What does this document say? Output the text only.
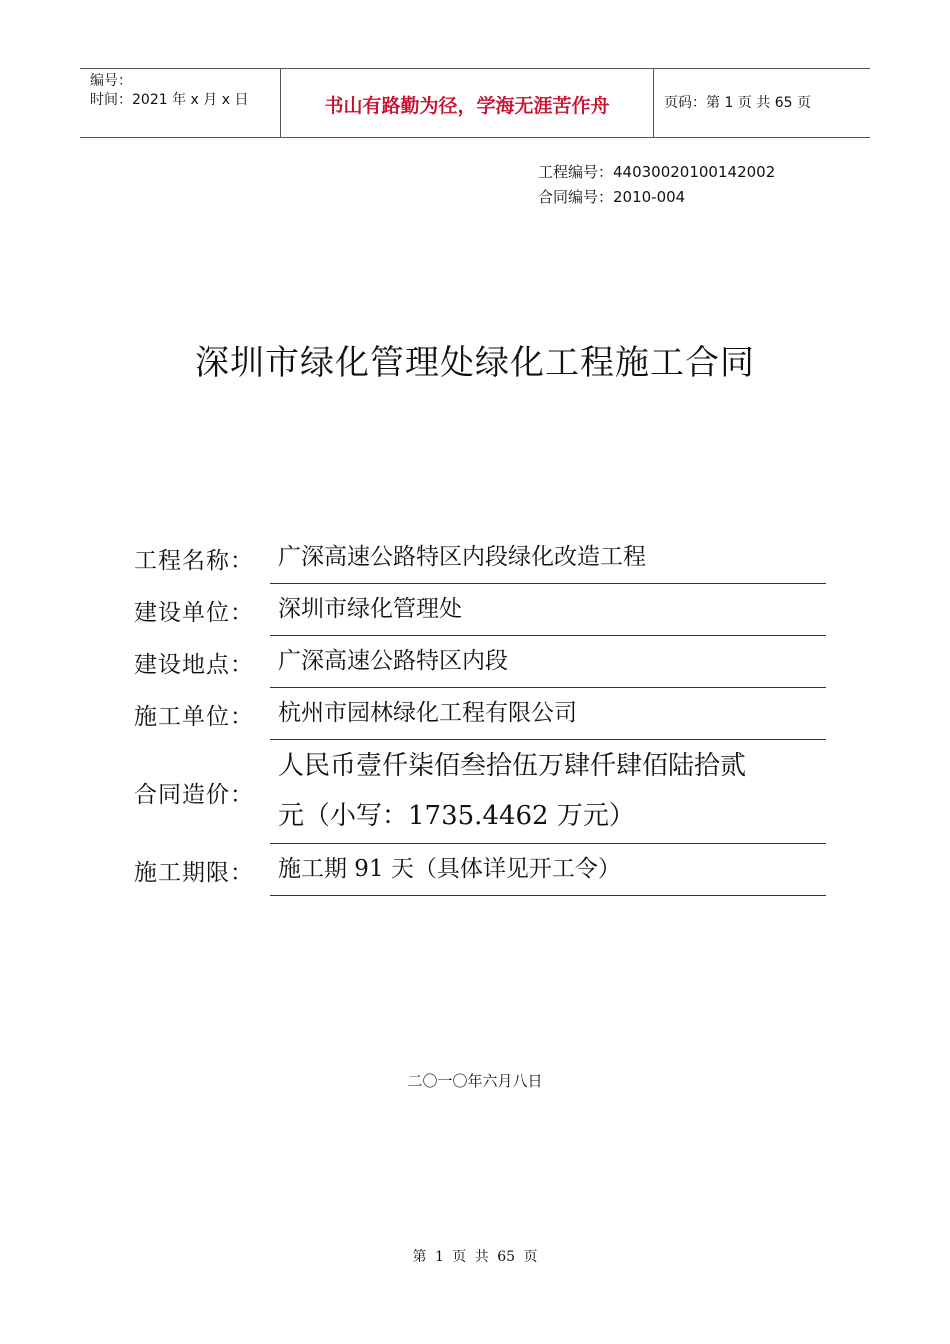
编号：
时间：2021 年 x 月 x 日	书山有路勤为径，学海无涯苦作舟	页码：第 1 页 共 65 页
工程编号：44030020100142002
合同编号：2010-004
深圳市绿化管理处绿化工程施工合同
工程名称：	广深高速公路特区内段绿化改造工程
建设单位：	深圳市绿化管理处
建设地点：	广深高速公路特区内段
施工单位：	杭州市园林绿化工程有限公司
合同造价：
人民币壹仟柒佰叁拾伍万肆仟肆佰陆拾贰
元（小写：1735.4462 万元）
施工期限：	施工期 91 天（具体详见开工令）
二〇一〇年六月八日
第 1 页 共 65 页
